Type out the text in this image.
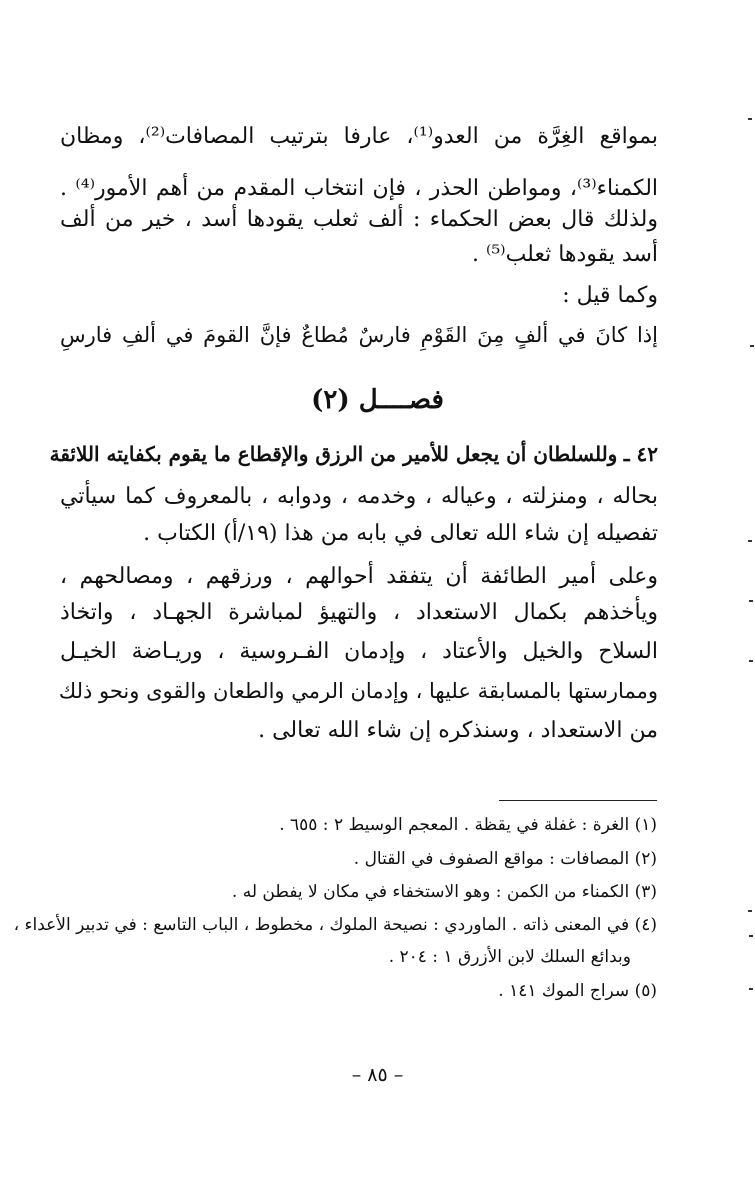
بمواقع الغِرَّة من العدو⁽¹⁾، عارفا بترتيب المصافات⁽²⁾، ومظان
الكمناء⁽³⁾، ومواطن الحذر ، فإن انتخاب المقدم من أهم الأمور⁽⁴⁾ .
ولذلك قال بعض الحكماء : ألف ثعلب يقودها أسد ، خير من ألف
أسد يقودها ثعلب⁽⁵⁾ .
وكما قيل :
إذا كانَ في ألفٍ مِنَ القَوْمِ فارسٌ مُطاعٌ فإنَّ القومَ في ألفِ فارسِ
فصــــل (٢)
٤٢ ـ وللسلطان أن يجعل للأمير من الرزق والإقطاع ما يقوم بكفايته اللائقة
بحاله ، ومنزلته ، وعياله ، وخدمه ، ودوابه ، بالمعروف كما سيأتي
تفصيله إن شاء الله تعالى في بابه من هذا (١٩/أ) الكتاب .
وعلى أمير الطائفة أن يتفقد أحوالهم ، ورزقهم ، ومصالحهم ،
ويأخذهم بكمال الاستعداد ، والتهيؤ لمباشرة الجهـاد ، واتخاذ
السلاح والخيل والأعتاد ، وإدمان الفـروسية ، وريـاضة الخيـل
وممارستها بالمسابقة عليها ، وإدمان الرمي والطعان والقوى ونحو ذلك
من الاستعداد ، وسنذكره إن شاء الله تعالى .
(١) الغرة : غفلة في يقظة . المعجم الوسيط ٢ : ٦٥٥ .
(٢) المصافات : مواقع الصفوف في القتال .
(٣) الكمناء من الكمن : وهو الاستخفاء في مكان لا يفطن له .
(٤) في المعنى ذاته . الماوردي : نصيحة الملوك ، مخطوط ، الباب التاسع : في تدبير الأعداء ،
وبدائع السلك لابن الأزرق ١ : ٢٠٤ .
(٥) سراج الموك ١٤١ .
– ٨٥ –
